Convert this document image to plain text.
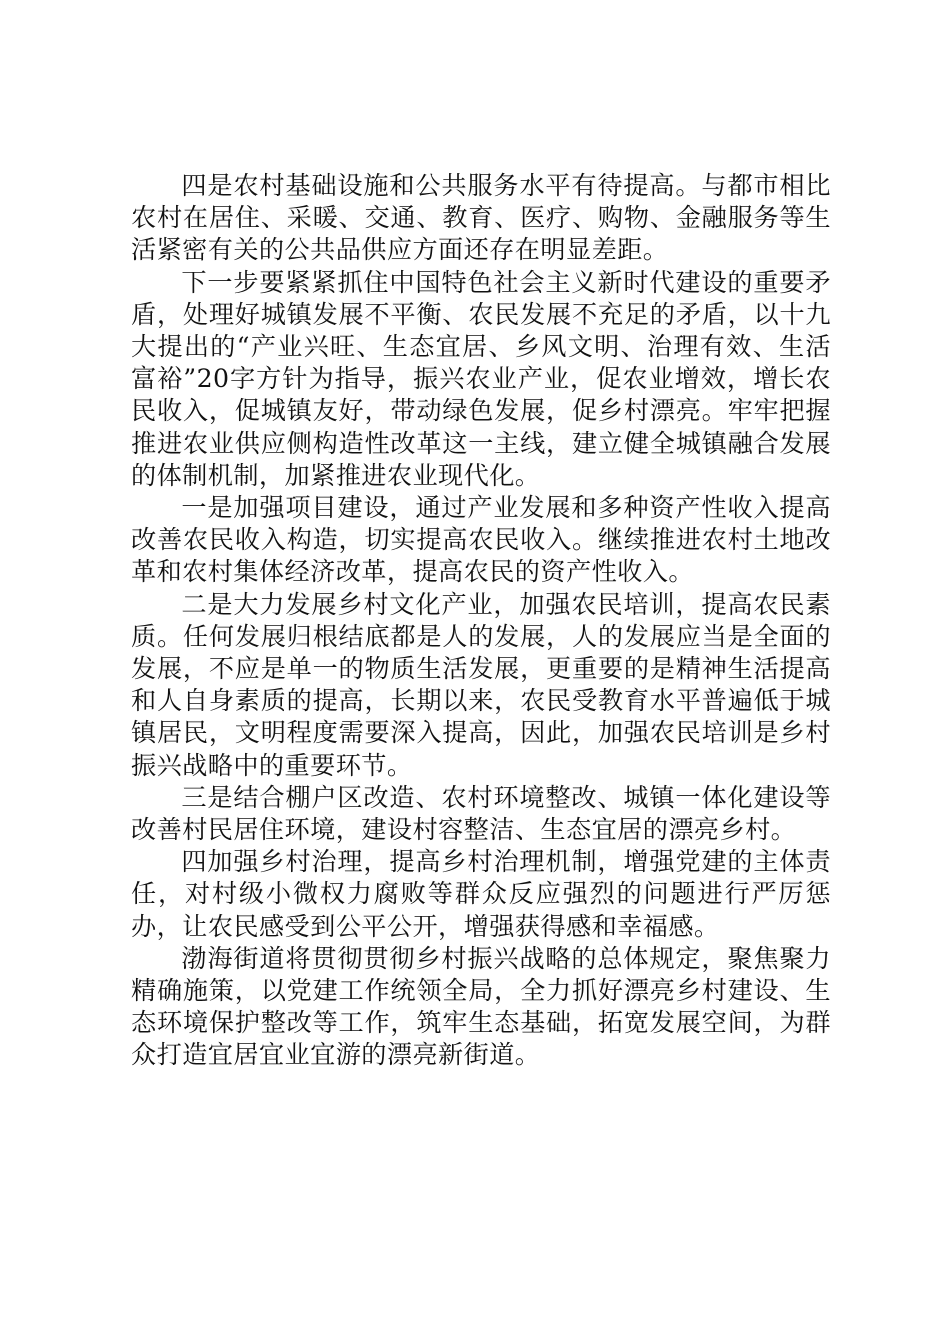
四是农村基础设施和公共服务水平有待提高。与都市相比农村在居住、采暖、交通、教育、医疗、购物、金融服务等生活紧密有关的公共品供应方面还存在明显差距。

下一步要紧紧抓住中国特色社会主义新时代建设的重要矛盾，处理好城镇发展不平衡、农民发展不充足的矛盾，以十九大提出的“产业兴旺、生态宜居、乡风文明、治理有效、生活富裕”20字方针为指导，振兴农业产业，促农业增效，增长农民收入，促城镇友好，带动绿色发展，促乡村漂亮。牢牢把握推进农业供应侧构造性改革这一主线，建立健全城镇融合发展的体制机制，加紧推进农业现代化。

一是加强项目建设，通过产业发展和多种资产性收入提高改善农民收入构造，切实提高农民收入。继续推进农村土地改革和农村集体经济改革，提高农民的资产性收入。

二是大力发展乡村文化产业，加强农民培训，提高农民素质。任何发展归根结底都是人的发展，人的发展应当是全面的发展，不应是单一的物质生活发展，更重要的是精神生活提高和人自身素质的提高，长期以来，农民受教育水平普遍低于城镇居民，文明程度需要深入提高，因此，加强农民培训是乡村振兴战略中的重要环节。

三是结合棚户区改造、农村环境整改、城镇一体化建设等改善村民居住环境，建设村容整洁、生态宜居的漂亮乡村。

四加强乡村治理，提高乡村治理机制，增强党建的主体责任，对村级小微权力腐败等群众反应强烈的问题进行严厉惩办，让农民感受到公平公开，增强获得感和幸福感。

渤海街道将贯彻贯彻乡村振兴战略的总体规定，聚焦聚力精确施策，以党建工作统领全局，全力抓好漂亮乡村建设、生态环境保护整改等工作，筑牢生态基础，拓宽发展空间，为群众打造宜居宜业宜游的漂亮新街道。
